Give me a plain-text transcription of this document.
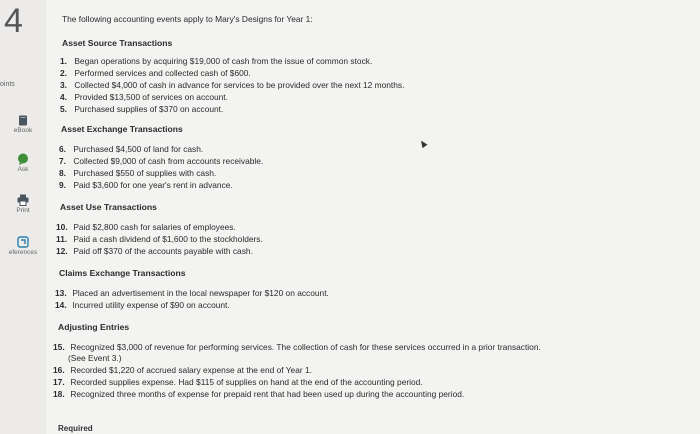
4
oints
eBook
Ask
Print
eferences
The following accounting events apply to Mary's Designs for Year 1:
Asset Source Transactions
1. Began operations by acquiring $19,000 of cash from the issue of common stock.
2. Performed services and collected cash of $600.
3. Collected $4,000 of cash in advance for services to be provided over the next 12 months.
4. Provided $13,500 of services on account.
5. Purchased supplies of $370 on account.
Asset Exchange Transactions
6. Purchased $4,500 of land for cash.
7. Collected $9,000 of cash from accounts receivable.
8. Purchased $550 of supplies with cash.
9. Paid $3,600 for one year's rent in advance.
Asset Use Transactions
10. Paid $2,800 cash for salaries of employees.
11. Paid a cash dividend of $1,600 to the stockholders.
12. Paid off $370 of the accounts payable with cash.
Claims Exchange Transactions
13. Placed an advertisement in the local newspaper for $120 on account.
14. Incurred utility expense of $90 on account.
Adjusting Entries
15. Recognized $3,000 of revenue for performing services. The collection of cash for these services occurred in a prior transaction.
(See Event 3.)
16. Recorded $1,220 of accrued salary expense at the end of Year 1.
17. Recorded supplies expense. Had $115 of supplies on hand at the end of the accounting period.
18. Recognized three months of expense for prepaid rent that had been used up during the accounting period.
Required
